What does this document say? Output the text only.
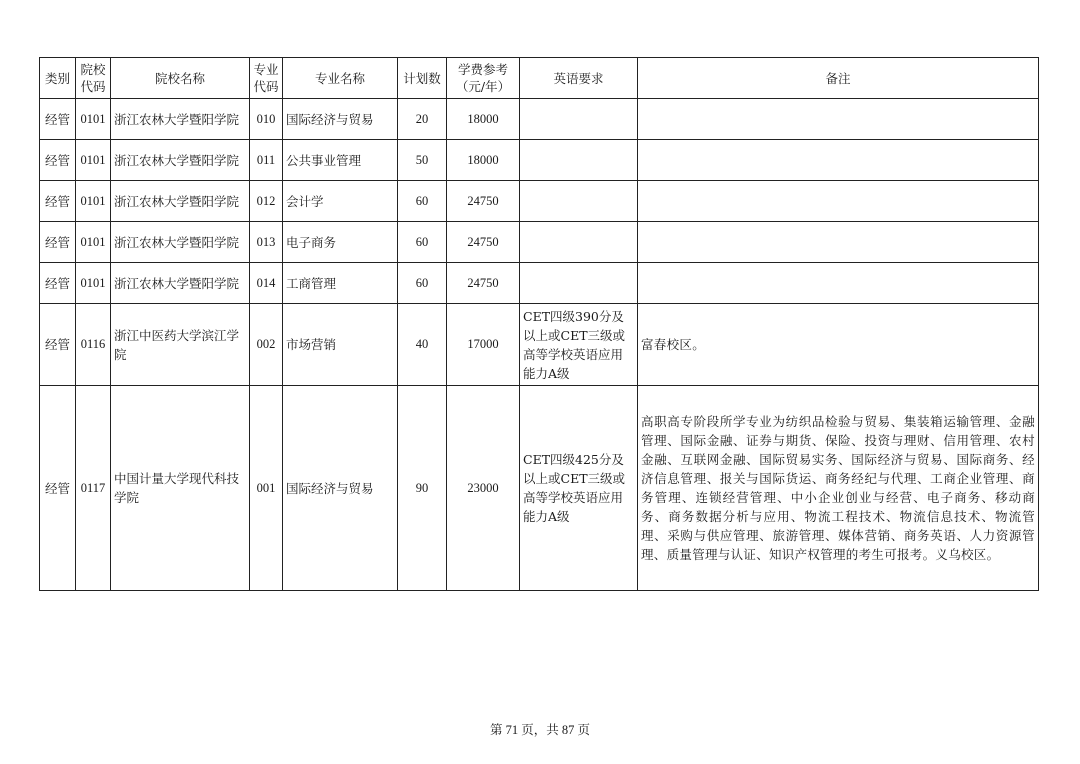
类别	院校代码	院校名称	专业代码	专业名称	计划数	学费参考（元/年）	英语要求	备注
经管	0101	浙江农林大学暨阳学院	010	国际经济与贸易	20	18000		
经管	0101	浙江农林大学暨阳学院	011	公共事业管理	50	18000		
经管	0101	浙江农林大学暨阳学院	012	会计学	60	24750		
经管	0101	浙江农林大学暨阳学院	013	电子商务	60	24750		
经管	0101	浙江农林大学暨阳学院	014	工商管理	60	24750		
经管	0116	浙江中医药大学滨江学院	002	市场营销	40	17000	CET四级390分及以上或CET三级或高等学校英语应用能力A级	富春校区。
经管	0117	中国计量大学现代科技学院	001	国际经济与贸易	90	23000	CET四级425分及以上或CET三级或高等学校英语应用能力A级	高职高专阶段所学专业为纺织品检验与贸易、集装箱运输管理、金融管理、国际金融、证券与期货、保险、投资与理财、信用管理、农村金融、互联网金融、国际贸易实务、国际经济与贸易、国际商务、经济信息管理、报关与国际货运、商务经纪与代理、工商企业管理、商务管理、连锁经营管理、中小企业创业与经营、电子商务、移动商务、商务数据分析与应用、物流工程技术、物流信息技术、物流管理、采购与供应管理、旅游管理、媒体营销、商务英语、人力资源管理、质量管理与认证、知识产权管理的考生可报考。义乌校区。
第 71 页，共 87 页
